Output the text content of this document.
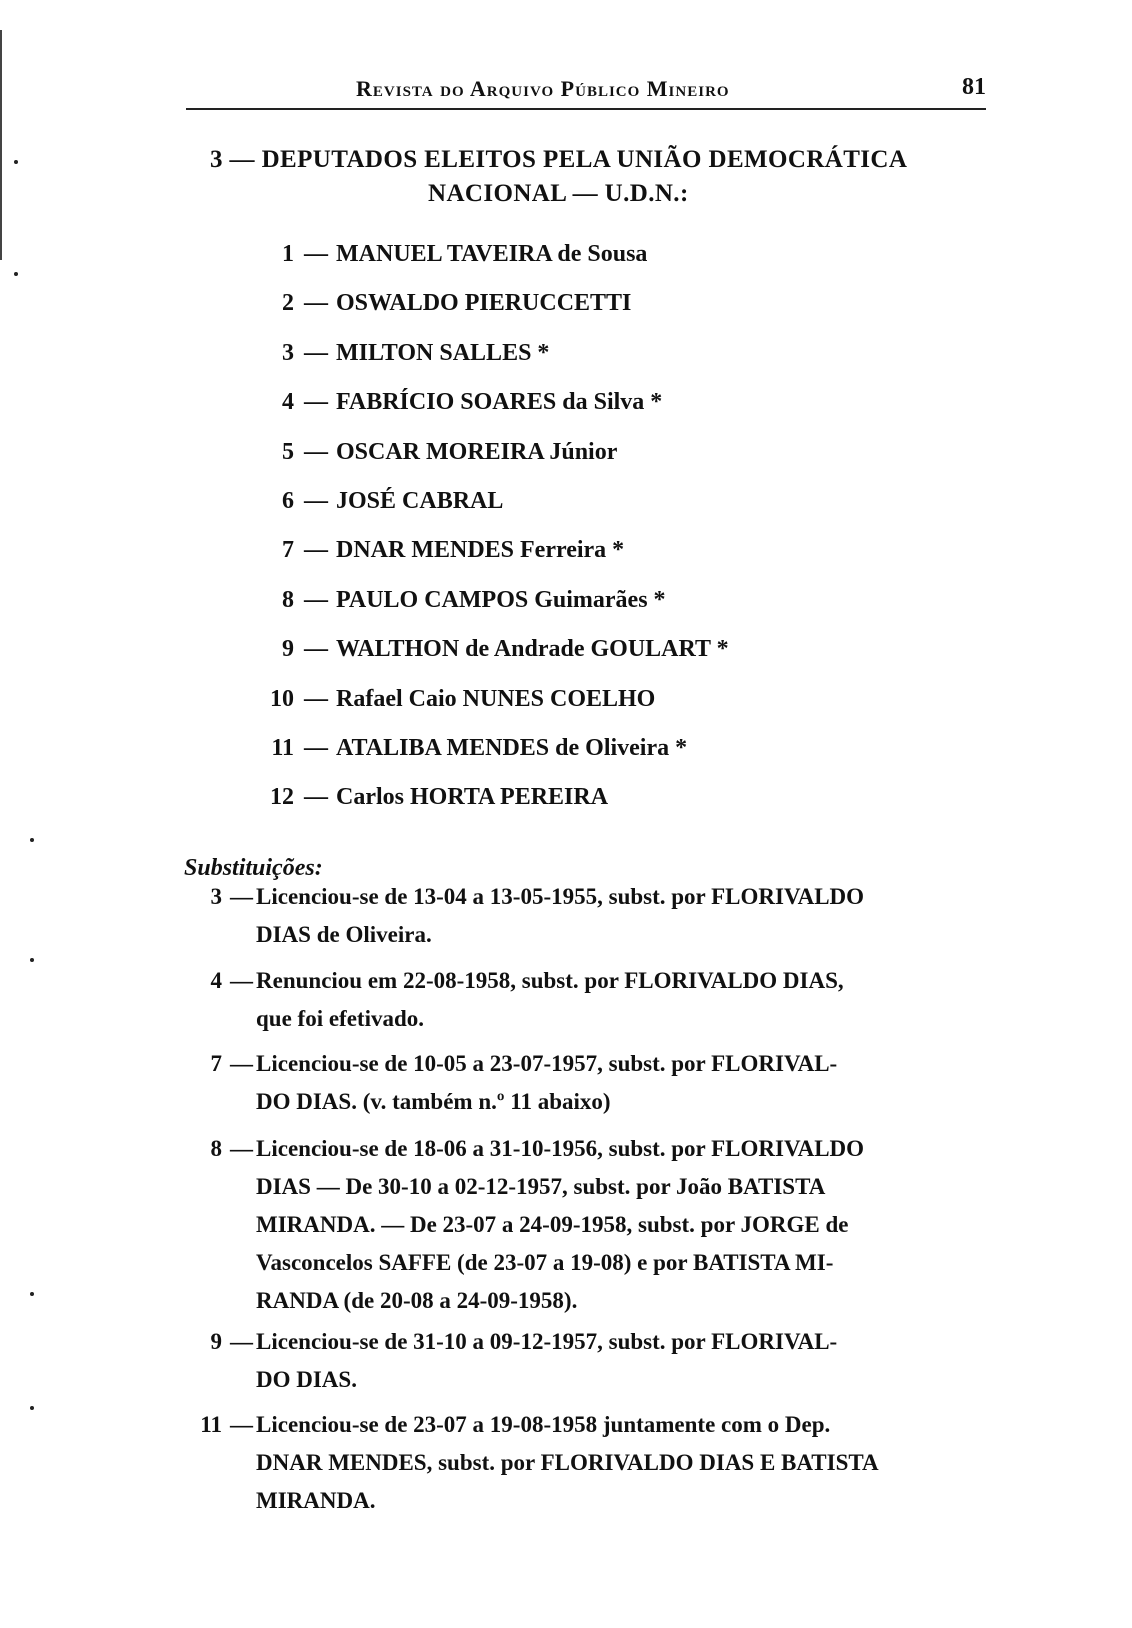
Revista do Arquivo Público Mineiro	81
3 — DEPUTADOS ELEITOS PELA UNIÃO DEMOCRÁTICA
NACIONAL — U.D.N.:
1 — MANUEL TAVEIRA de Sousa
2 — OSWALDO PIERUCCETTI
3 — MILTON SALLES *
4 — FABRÍCIO SOARES da Silva *
5 — OSCAR MOREIRA Júnior
6 — JOSÉ CABRAL
7 — DNAR MENDES Ferreira *
8 — PAULO CAMPOS Guimarães *
9 — WALTHON de Andrade GOULART *
10 — Rafael Caio NUNES COELHO
11 — ATALIBA MENDES de Oliveira *
12 — Carlos HORTA PEREIRA
Substituições:
3 — Licenciou-se de 13-04 a 13-05-1955, subst. por FLORIVALDO
DIAS de Oliveira.
4 — Renunciou em 22-08-1958, subst. por FLORIVALDO DIAS,
que foi efetivado.
7 — Licenciou-se de 10-05 a 23-07-1957, subst. por FLORIVAL-
DO DIAS. (v. também n.º 11 abaixo)
8 — Licenciou-se de 18-06 a 31-10-1956, subst. por FLORIVALDO
DIAS — De 30-10 a 02-12-1957, subst. por João BATISTA
MIRANDA. — De 23-07 a 24-09-1958, subst. por JORGE de
Vasconcelos SAFFE (de 23-07 a 19-08) e por BATISTA MI-
RANDA (de 20-08 a 24-09-1958).
9 — Licenciou-se de 31-10 a 09-12-1957, subst. por FLORIVAL-
DO DIAS.
11 — Licenciou-se de 23-07 a 19-08-1958 juntamente com o Dep.
DNAR MENDES, subst. por FLORIVALDO DIAS E BATISTA
MIRANDA.
